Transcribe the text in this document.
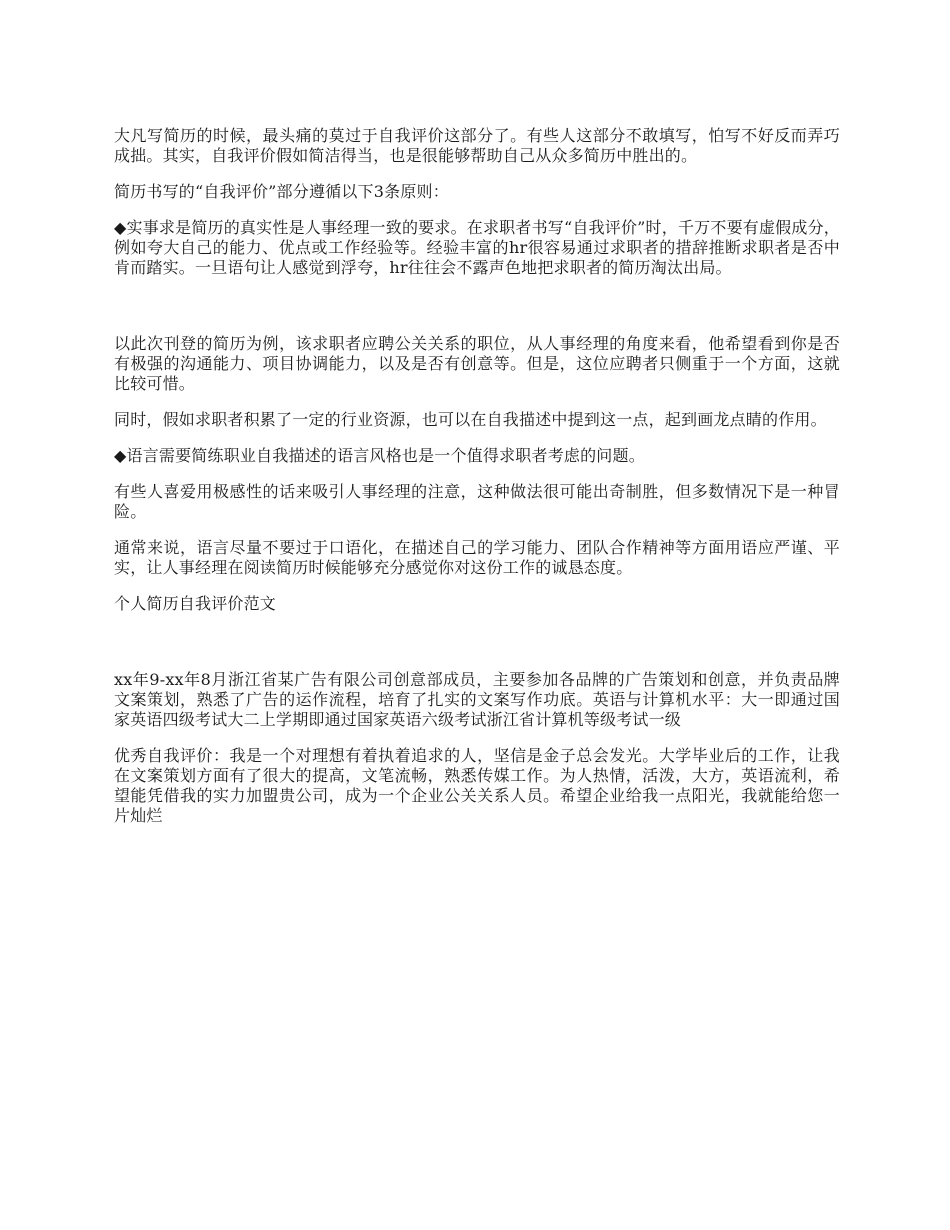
大凡写简历的时候，最头痛的莫过于自我评价这部分了。有些人这部分不敢填写，怕写不好反而弄巧成拙。其实，自我评价假如简洁得当，也是很能够帮助自己从众多简历中胜出的。

简历书写的“自我评价”部分遵循以下3条原则：

◆实事求是简历的真实性是人事经理一致的要求。在求职者书写“自我评价”时，千万不要有虚假成分，例如夸大自己的能力、优点或工作经验等。经验丰富的hr很容易通过求职者的措辞推断求职者是否中肯而踏实。一旦语句让人感觉到浮夸，hr往往会不露声色地把求职者的简历淘汰出局。

以此次刊登的简历为例，该求职者应聘公关关系的职位，从人事经理的角度来看，他希望看到你是否有极强的沟通能力、项目协调能力，以及是否有创意等。但是，这位应聘者只侧重于一个方面，这就比较可惜。

同时，假如求职者积累了一定的行业资源，也可以在自我描述中提到这一点，起到画龙点睛的作用。

◆语言需要简练职业自我描述的语言风格也是一个值得求职者考虑的问题。

有些人喜爱用极感性的话来吸引人事经理的注意，这种做法很可能出奇制胜，但多数情况下是一种冒险。

通常来说，语言尽量不要过于口语化，在描述自己的学习能力、团队合作精神等方面用语应严谨、平实，让人事经理在阅读简历时候能够充分感觉你对这份工作的诚恳态度。

个人简历自我评价范文

xx年9-xx年8月浙江省某广告有限公司创意部成员，主要参加各品牌的广告策划和创意，并负责品牌文案策划，熟悉了广告的运作流程，培育了扎实的文案写作功底。英语与计算机水平：大一即通过国家英语四级考试大二上学期即通过国家英语六级考试浙江省计算机等级考试一级

优秀自我评价：我是一个对理想有着执着追求的人，坚信是金子总会发光。大学毕业后的工作，让我在文案策划方面有了很大的提高，文笔流畅，熟悉传媒工作。为人热情，活泼，大方，英语流利，希望能凭借我的实力加盟贵公司，成为一个企业公关关系人员。希望企业给我一点阳光，我就能给您一片灿烂
